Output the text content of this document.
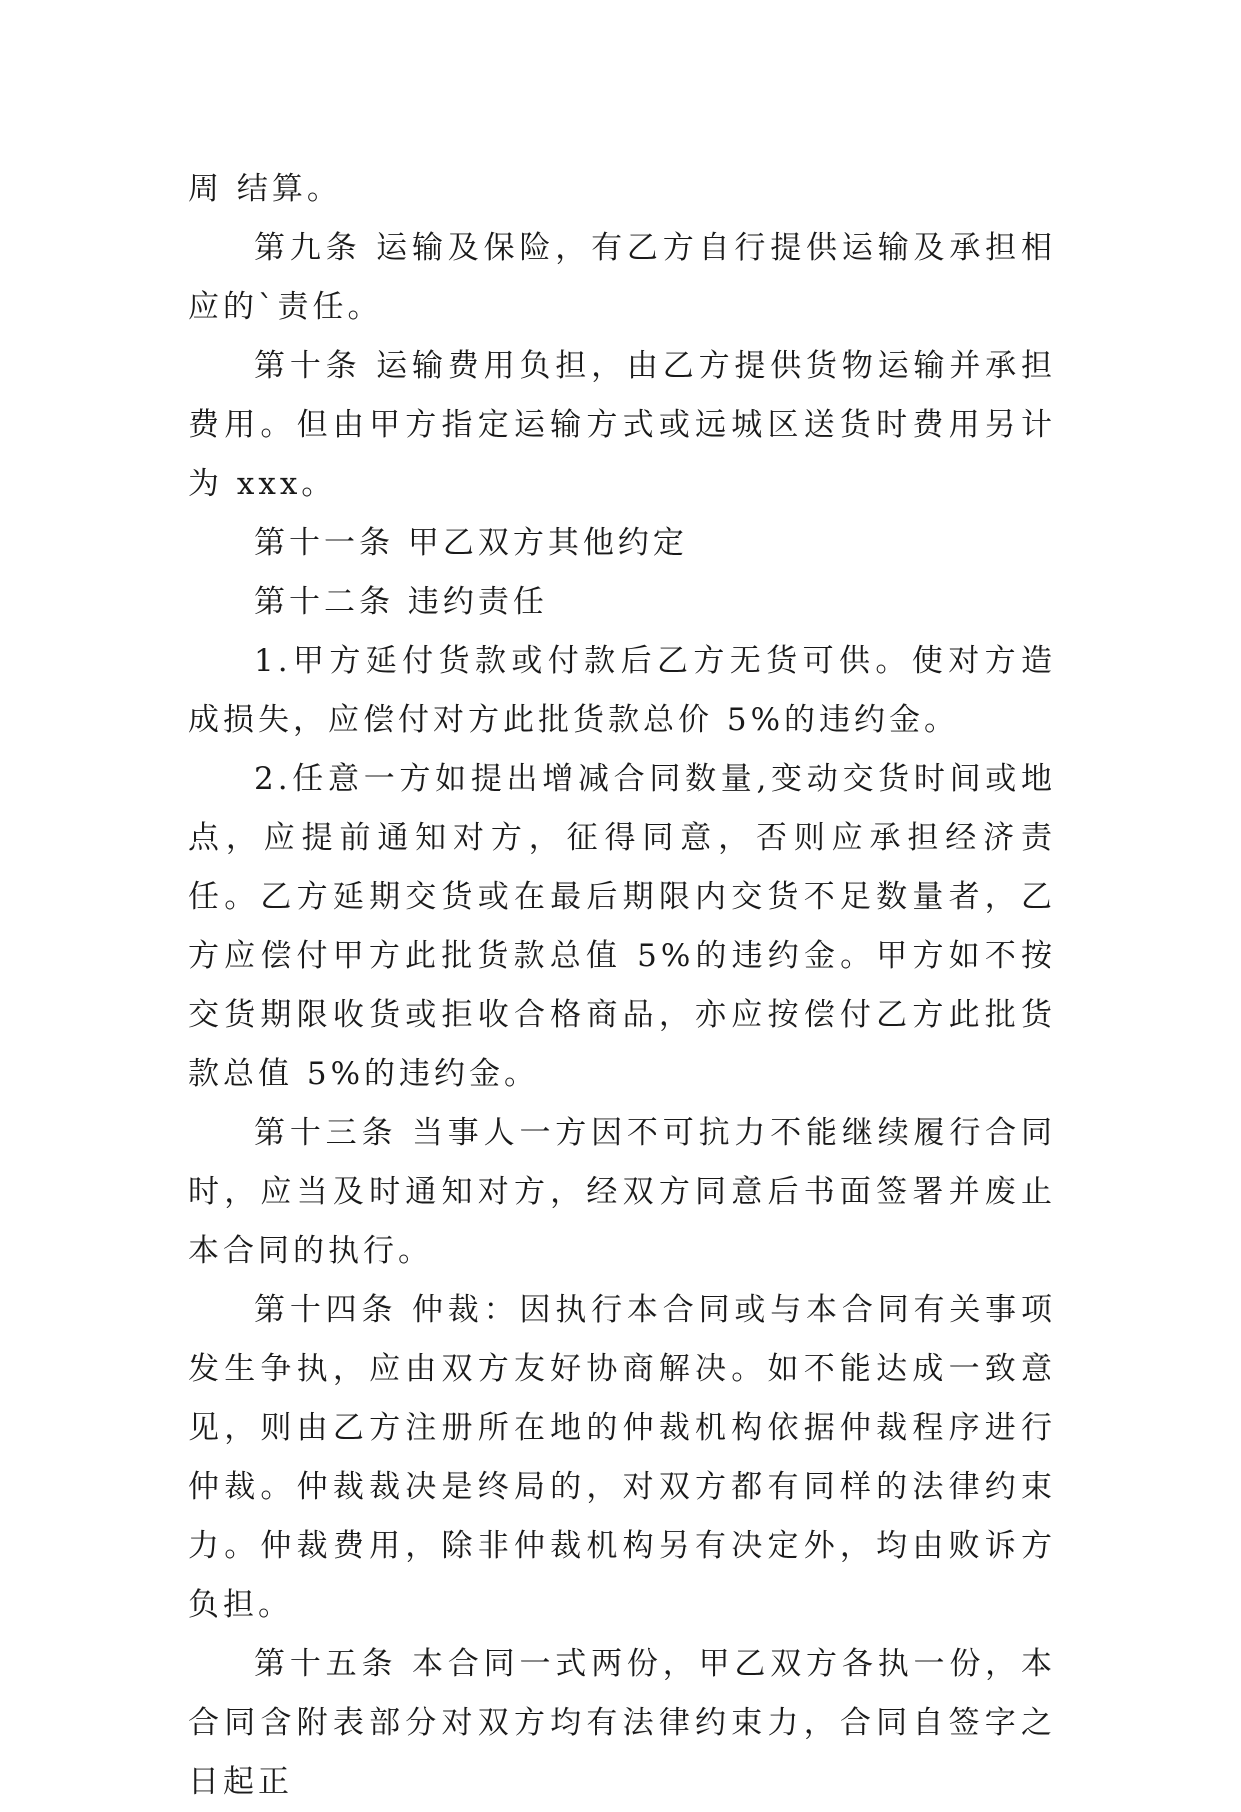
周 结算。

第九条 运输及保险，有乙方自行提供运输及承担相应的`责任。

第十条 运输费用负担，由乙方提供货物运输并承担费用。但由甲方指定运输方式或远城区送货时费用另计为 xxx。

第十一条 甲乙双方其他约定

第十二条 违约责任

1.甲方延付货款或付款后乙方无货可供。使对方造成损失，应偿付对方此批货款总价 5%的违约金。

2.任意一方如提出增减合同数量,变动交货时间或地点，应提前通知对方，征得同意，否则应承担经济责任。乙方延期交货或在最后期限内交货不足数量者，乙方应偿付甲方此批货款总值 5%的违约金。甲方如不按交货期限收货或拒收合格商品，亦应按偿付乙方此批货款总值 5%的违约金。

第十三条 当事人一方因不可抗力不能继续履行合同时，应当及时通知对方，经双方同意后书面签署并废止本合同的执行。

第十四条 仲裁：因执行本合同或与本合同有关事项发生争执，应由双方友好协商解决。如不能达成一致意见，则由乙方注册所在地的仲裁机构依据仲裁程序进行仲裁。仲裁裁决是终局的，对双方都有同样的法律约束力。仲裁费用，除非仲裁机构另有决定外，均由败诉方负担。

第十五条 本合同一式两份，甲乙双方各执一份，本合同含附表部分对双方均有法律约束力，合同自签字之日起正
